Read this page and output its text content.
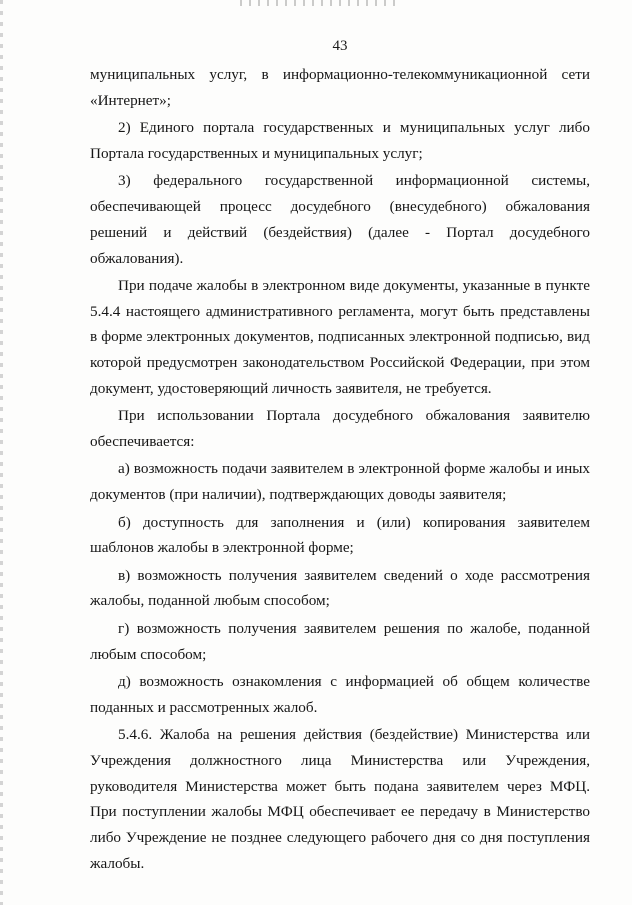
43

муниципальных услуг, в информационно-телекоммуникационной сети «Интернет»;

2) Единого портала государственных и муниципальных услуг либо Портала государственных и муниципальных услуг;

3) федерального государственной информационной системы, обеспечивающей процесс досудебного (внесудебного) обжалования решений и действий (бездействия) (далее - Портал досудебного обжалования).

При подаче жалобы в электронном виде документы, указанные в пункте 5.4.4 настоящего административного регламента, могут быть представлены в форме электронных документов, подписанных электронной подписью, вид которой предусмотрен законодательством Российской Федерации, при этом документ, удостоверяющий личность заявителя, не требуется.

При использовании Портала досудебного обжалования заявителю обеспечивается:

а) возможность подачи заявителем в электронной форме жалобы и иных документов (при наличии), подтверждающих доводы заявителя;

б) доступность для заполнения и (или) копирования заявителем шаблонов жалобы в электронной форме;

в) возможность получения заявителем сведений о ходе рассмотрения жалобы, поданной любым способом;

г) возможность получения заявителем решения по жалобе, поданной любым способом;

д) возможность ознакомления с информацией об общем количестве поданных и рассмотренных жалоб.

5.4.6. Жалоба на решения действия (бездействие) Министерства или Учреждения должностного лица Министерства или Учреждения, руководителя Министерства может быть подана заявителем через МФЦ. При поступлении жалобы МФЦ обеспечивает ее передачу в Министерство либо Учреждение не позднее следующего рабочего дня со дня поступления жалобы.
